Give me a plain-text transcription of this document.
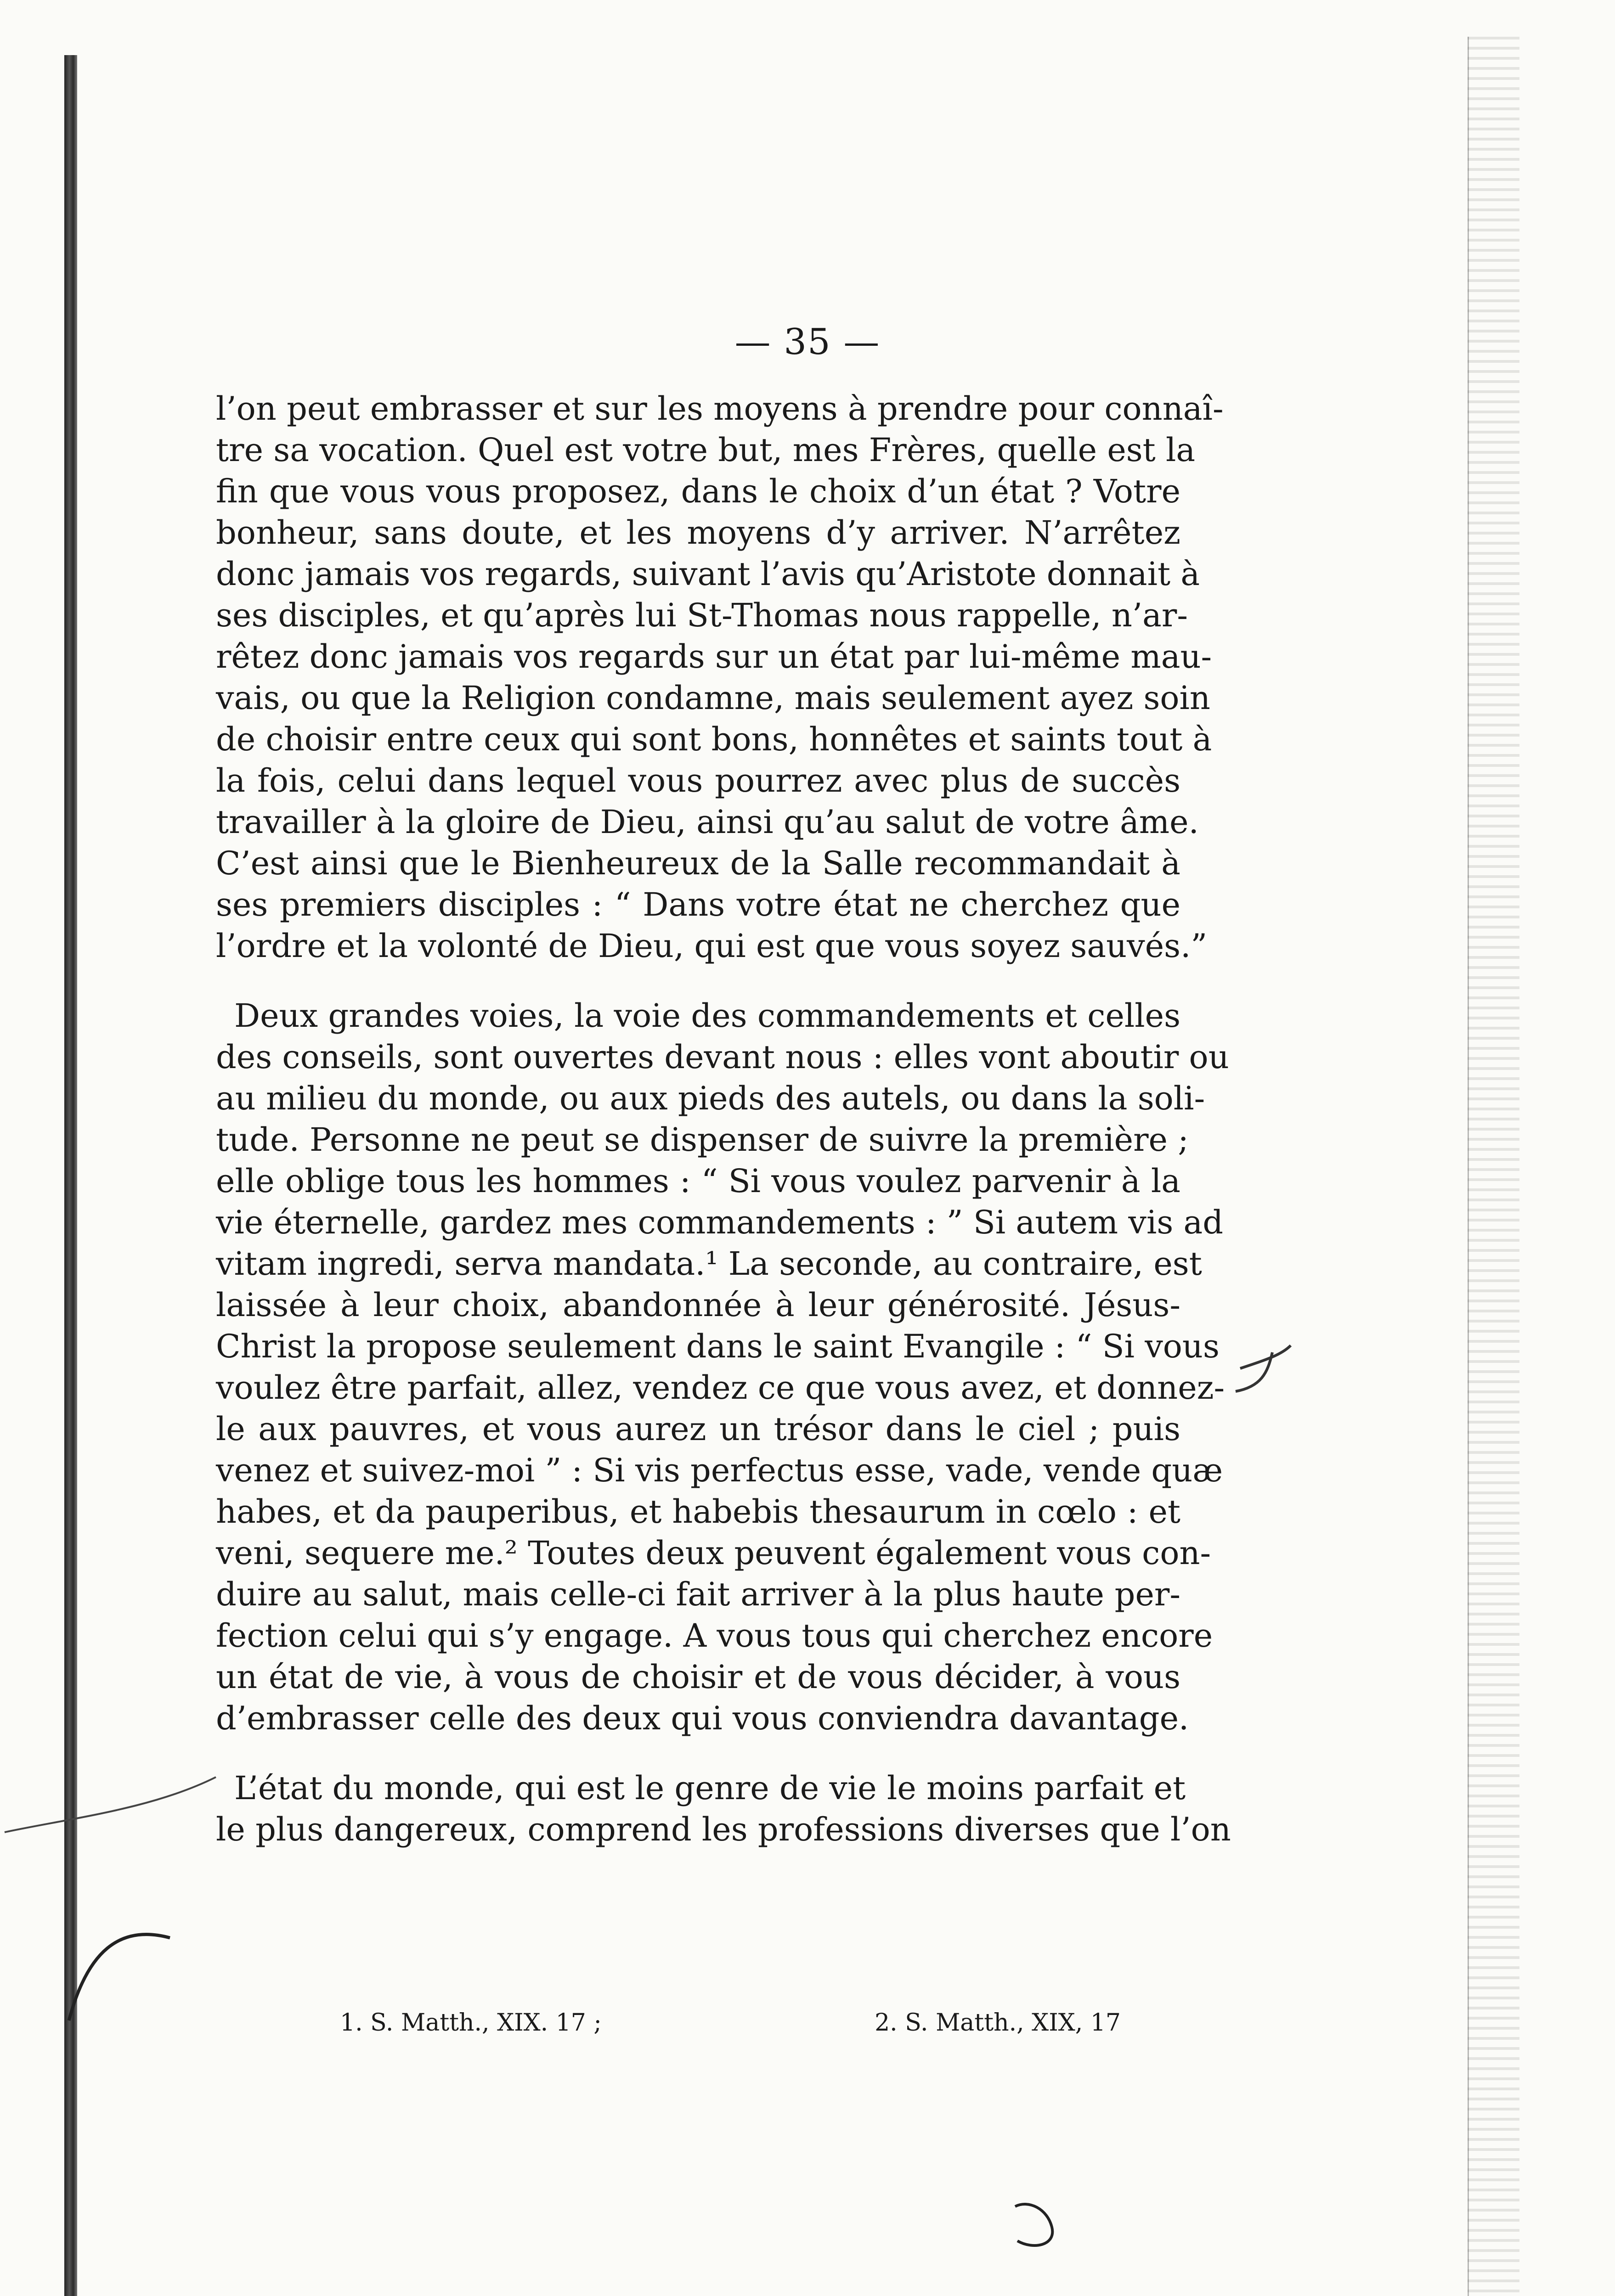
— 35 —

l’on peut embrasser et sur les moyens à prendre pour connaî-
tre sa vocation. Quel est votre but, mes Frères, quelle est la
fin que vous vous proposez, dans le choix d’un état ? Votre
bonheur, sans doute, et les moyens d’y arriver. N’arrêtez
donc jamais vos regards, suivant l’avis qu’Aristote donnait à
ses disciples, et qu’après lui St-Thomas nous rappelle, n’ar-
rêtez donc jamais vos regards sur un état par lui-même mau-
vais, ou que la Religion condamne, mais seulement ayez soin
de choisir entre ceux qui sont bons, honnêtes et saints tout à
la fois, celui dans lequel vous pourrez avec plus de succès
travailler à la gloire de Dieu, ainsi qu’au salut de votre âme.
C’est ainsi que le Bienheureux de la Salle recommandait à
ses premiers disciples : “ Dans votre état ne cherchez que
l’ordre et la volonté de Dieu, qui est que vous soyez sauvés.”

Deux grandes voies, la voie des commandements et celles
des conseils, sont ouvertes devant nous : elles vont aboutir ou
au milieu du monde, ou aux pieds des autels, ou dans la soli-
tude. Personne ne peut se dispenser de suivre la première ;
elle oblige tous les hommes : “ Si vous voulez parvenir à la
vie éternelle, gardez mes commandements : ” Si autem vis ad
vitam ingredi, serva mandata.¹ La seconde, au contraire, est
laissée à leur choix, abandonnée à leur générosité. Jésus-
Christ la propose seulement dans le saint Evangile : “ Si vous
voulez être parfait, allez, vendez ce que vous avez, et donnez-
le aux pauvres, et vous aurez un trésor dans le ciel ; puis
venez et suivez-moi ” : Si vis perfectus esse, vade, vende quæ
habes, et da pauperibus, et habebis thesaurum in cœlo : et
veni, sequere me.² Toutes deux peuvent également vous con-
duire au salut, mais celle-ci fait arriver à la plus haute per-
fection celui qui s’y engage. A vous tous qui cherchez encore
un état de vie, à vous de choisir et de vous décider, à vous
d’embrasser celle des deux qui vous conviendra davantage.

L’état du monde, qui est le genre de vie le moins parfait et
le plus dangereux, comprend les professions diverses que l’on

1. S. Matth., XIX. 17 ;	2. S. Matth., XIX, 17
